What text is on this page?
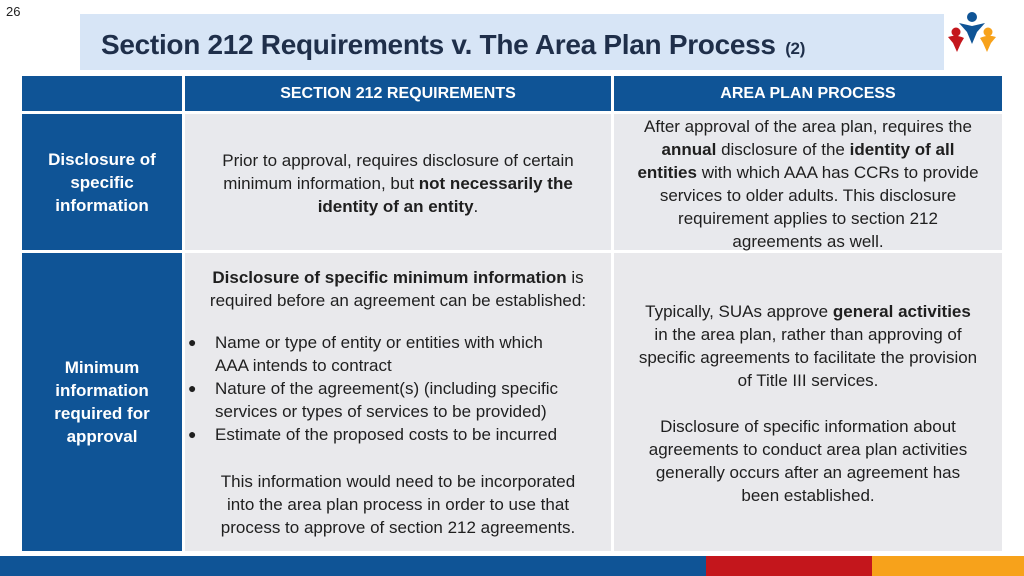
26
Section 212 Requirements v. The Area Plan Process (2)
SECTION 212 REQUIREMENTS	AREA PLAN PROCESS
Disclosure of
specific
information
Prior to approval, requires disclosure of certain
minimum information, but not necessarily the
identity of an entity.
After approval of the area plan, requires the
annual disclosure of the identity of all
entities with which AAA has CCRs to provide
services to older adults. This disclosure
requirement applies to section 212
agreements as well.
Minimum
information
required for
approval
Disclosure of specific minimum information is
required before an agreement can be established:
● Name or type of entity or entities with which
AAA intends to contract
● Nature of the agreement(s) (including specific
services or types of services to be provided)
● Estimate of the proposed costs to be incurred
This information would need to be incorporated
into the area plan process in order to use that
process to approve of section 212 agreements.
Typically, SUAs approve general activities
in the area plan, rather than approving of
specific agreements to facilitate the provision
of Title III services.
Disclosure of specific information about
agreements to conduct area plan activities
generally occurs after an agreement has
been established.
